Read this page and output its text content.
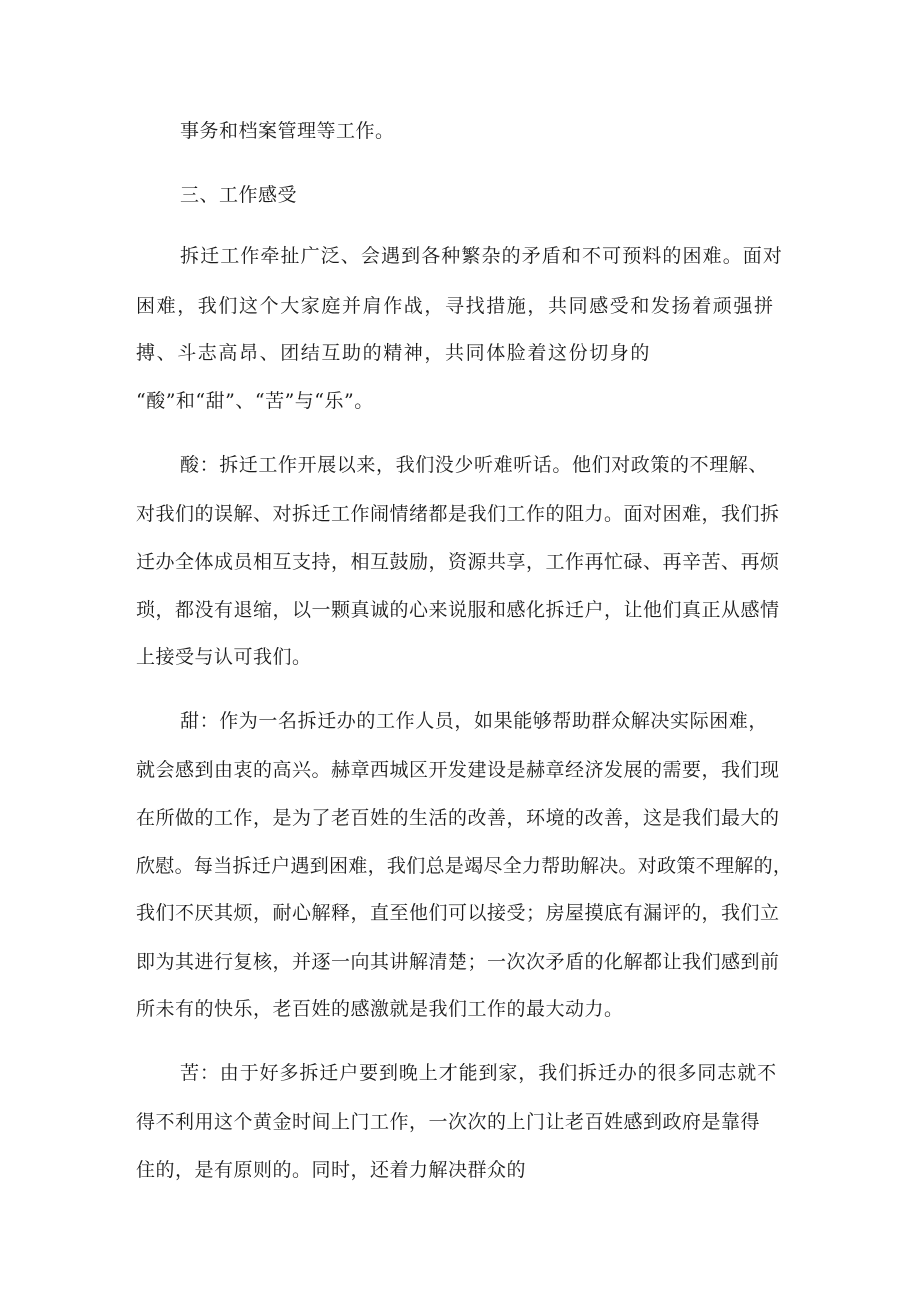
事务和档案管理等工作。
三、工作感受
拆迁工作牵扯广泛、会遇到各种繁杂的矛盾和不可预料的困难。面对
困难，我们这个大家庭并肩作战，寻找措施，共同感受和发扬着顽强拼
搏、斗志高昂、团结互助的精神，共同体脸着这份切身的
“酸”和“甜”、“苦”与“乐”。
酸：拆迁工作开展以来，我们没少听难听话。他们对政策的不理解、
对我们的误解、对拆迁工作闹情绪都是我们工作的阻力。面对困难，我们拆
迁办全体成员相互支持，相互鼓励，资源共享，工作再忙碌、再辛苦、再烦
琐，都没有退缩，以一颗真诚的心来说服和感化拆迁户，让他们真正从感情
上接受与认可我们。
甜：作为一名拆迁办的工作人员，如果能够帮助群众解决实际困难，
就会感到由衷的高兴。赫章西城区开发建设是赫章经济发展的需要，我们现
在所做的工作，是为了老百姓的生活的改善，环境的改善，这是我们最大的
欣慰。每当拆迁户遇到困难，我们总是竭尽全力帮助解决。对政策不理解的，
我们不厌其烦，耐心解释，直至他们可以接受；房屋摸底有漏评的，我们立
即为其进行复核，并逐一向其讲解清楚；一次次矛盾的化解都让我们感到前
所未有的快乐，老百姓的感激就是我们工作的最大动力。
苦：由于好多拆迁户要到晚上才能到家，我们拆迁办的很多同志就不
得不利用这个黄金时间上门工作，一次次的上门让老百姓感到政府是靠得
住的，是有原则的。同时，还着力解决群众的
